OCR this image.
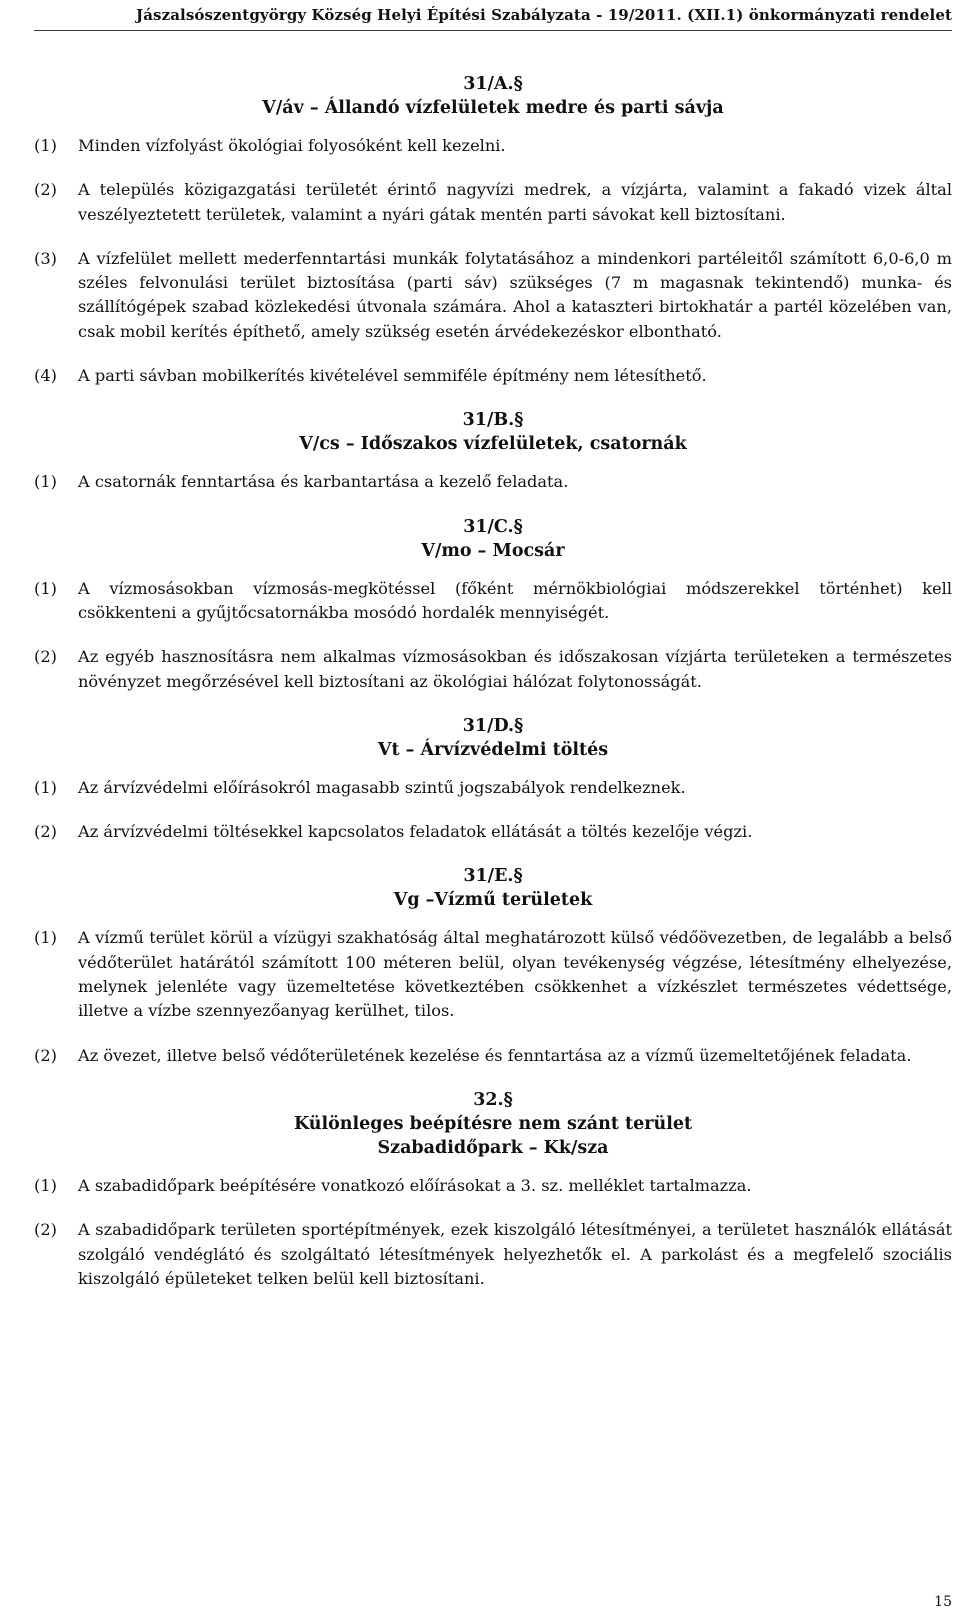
Jászalsószentgyörgy Község Helyi Építési Szabályzata - 19/2011. (XII.1) önkormányzati rendelet
31/A.§
V/áv – Állandó vízfelületek medre és parti sávja
(1)	Minden vízfolyást ökológiai folyosóként kell kezelni.
(2)	A település közigazgatási területét érintő nagyvízi medrek, a vízjárta, valamint a fakadó vizek által veszélyeztetett területek, valamint a nyári gátak mentén parti sávokat kell biztosítani.
(3)	A vízfelület mellett mederfenntartási munkák folytatásához a mindenkori partéleitől számított 6,0-6,0 m széles felvonulási terület biztosítása (parti sáv) szükséges (7 m magasnak tekintendő) munka- és szállítógépek szabad közlekedési útvonala számára. Ahol a kataszteri birtokhatár a partél közelében van, csak mobil kerítés építhető, amely szükség esetén árvédekezéskor elbontható.
(4)	A parti sávban mobilkerítés kivételével semmiféle építmény nem létesíthető.
31/B.§
V/cs – Időszakos vízfelületek, csatornák
(1)	A csatornák fenntartása és karbantartása a kezelő feladata.
31/C.§
V/mo – Mocsár
(1)	A vízmosásokban vízmosás-megkötéssel (főként mérnökbiológiai módszerekkel történhet) kell csökkenteni a gyűjtőcsatornákba mosódó hordalék mennyiségét.
(2)	Az egyéb hasznosításra nem alkalmas vízmosásokban és időszakosan vízjárta területeken a természetes növényzet megőrzésével kell biztosítani az ökológiai hálózat folytonosságát.
31/D.§
Vt – Árvízvédelmi töltés
(1)	Az árvízvédelmi előírásokról magasabb szintű jogszabályok rendelkeznek.
(2)	Az árvízvédelmi töltésekkel kapcsolatos feladatok ellátását a töltés kezelője végzi.
31/E.§
Vg –Vízmű területek
(1)	A vízmű terület körül a vízügyi szakhatóság által meghatározott külső védőövezetben, de legalább a belső védőterület határától számított 100 méteren belül, olyan tevékenység végzése, létesítmény elhelyezése, melynek jelenléte vagy üzemeltetése következtében csökkenhet a vízkészlet természetes védettsége, illetve a vízbe szennyezőanyag kerülhet, tilos.
(2)	Az övezet, illetve belső védőterületének kezelése és fenntartása az a vízmű üzemeltetőjének feladata.
32.§
Különleges beépítésre nem szánt terület
Szabadidőpark – Kk/sza
(1)	A szabadidőpark beépítésére vonatkozó előírásokat a 3. sz. melléklet tartalmazza.
(2)	A szabadidőpark területen sportépítmények, ezek kiszolgáló létesítményei, a területet használók ellátását szolgáló vendéglátó és szolgáltató létesítmények helyezhetők el. A parkolást és a megfelelő szociális kiszolgáló épületeket telken belül kell biztosítani.
15
